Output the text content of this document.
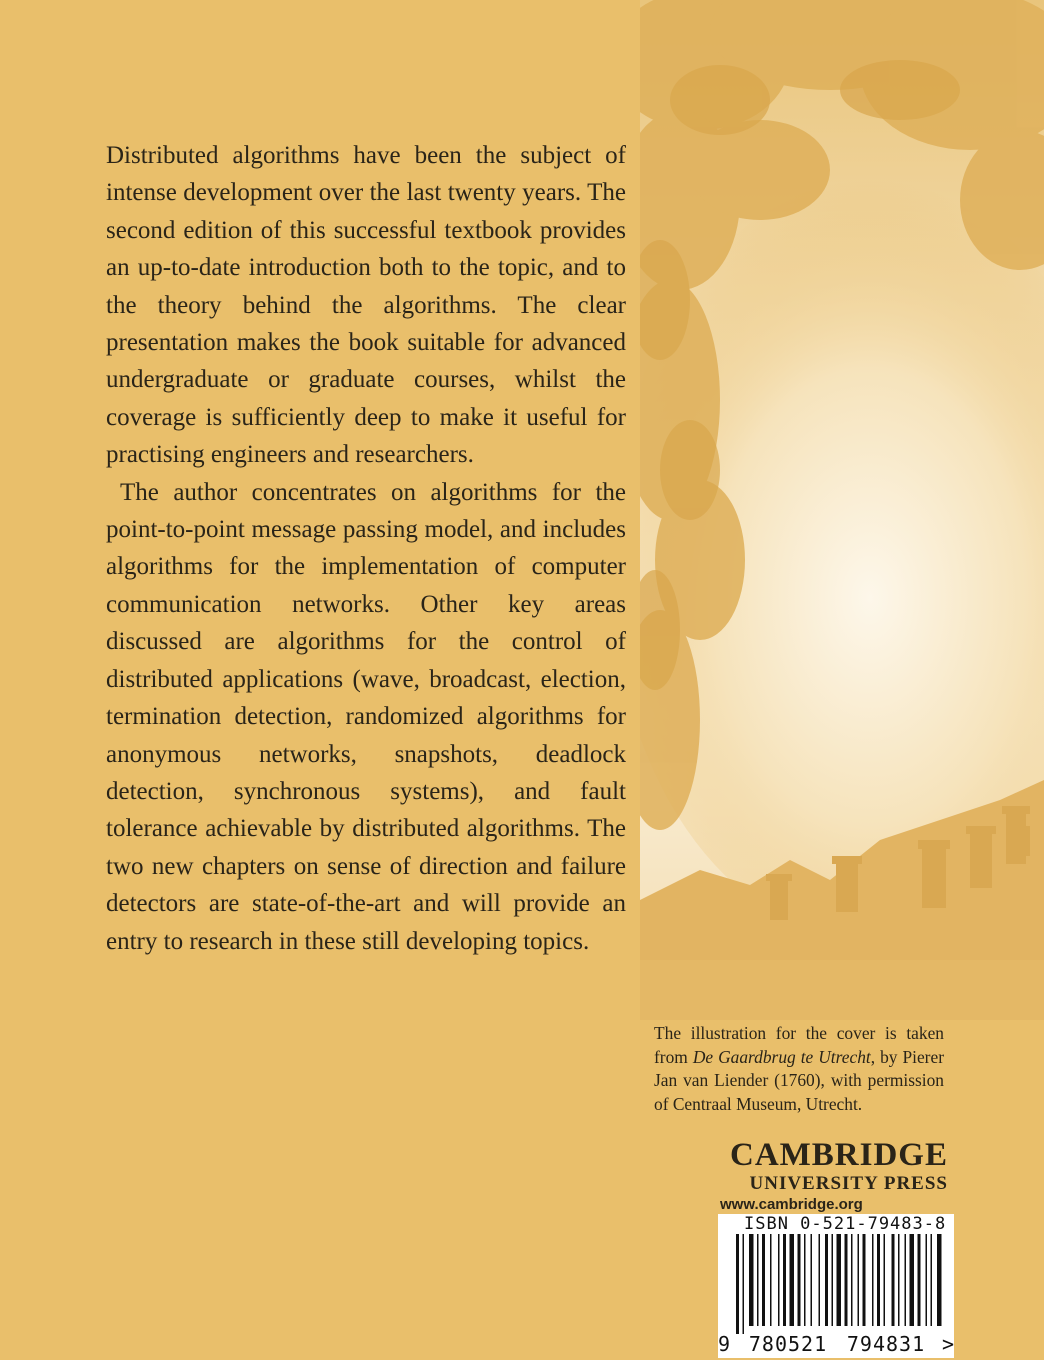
Distributed algorithms have been the subject of intense development over the last twenty years. The second edition of this successful textbook provides an up-to-date introduction both to the topic, and to the theory behind the algorithms. The clear presentation makes the book suitable for advanced undergraduate or graduate courses, whilst the coverage is sufficiently deep to make it useful for practising engineers and researchers.

The author concentrates on algorithms for the point-to-point message passing model, and includes algorithms for the implementation of computer communication networks. Other key areas discussed are algorithms for the control of distributed applications (wave, broadcast, election, termination detection, randomized algorithms for anonymous networks, snapshots, deadlock detection, synchronous systems), and fault tolerance achievable by distributed algorithms. The two new chapters on sense of direction and failure detectors are state-of-the-art and will provide an entry to research in these still developing topics.

The illustration for the cover is taken from De Gaardbrug te Utrecht, by Pierer Jan van Liender (1760), with permission of Centraal Museum, Utrecht.
CAMBRIDGE
UNIVERSITY PRESS
www.cambridge.org
ISBN 0-521-79483-8
9 780521 794831 >
